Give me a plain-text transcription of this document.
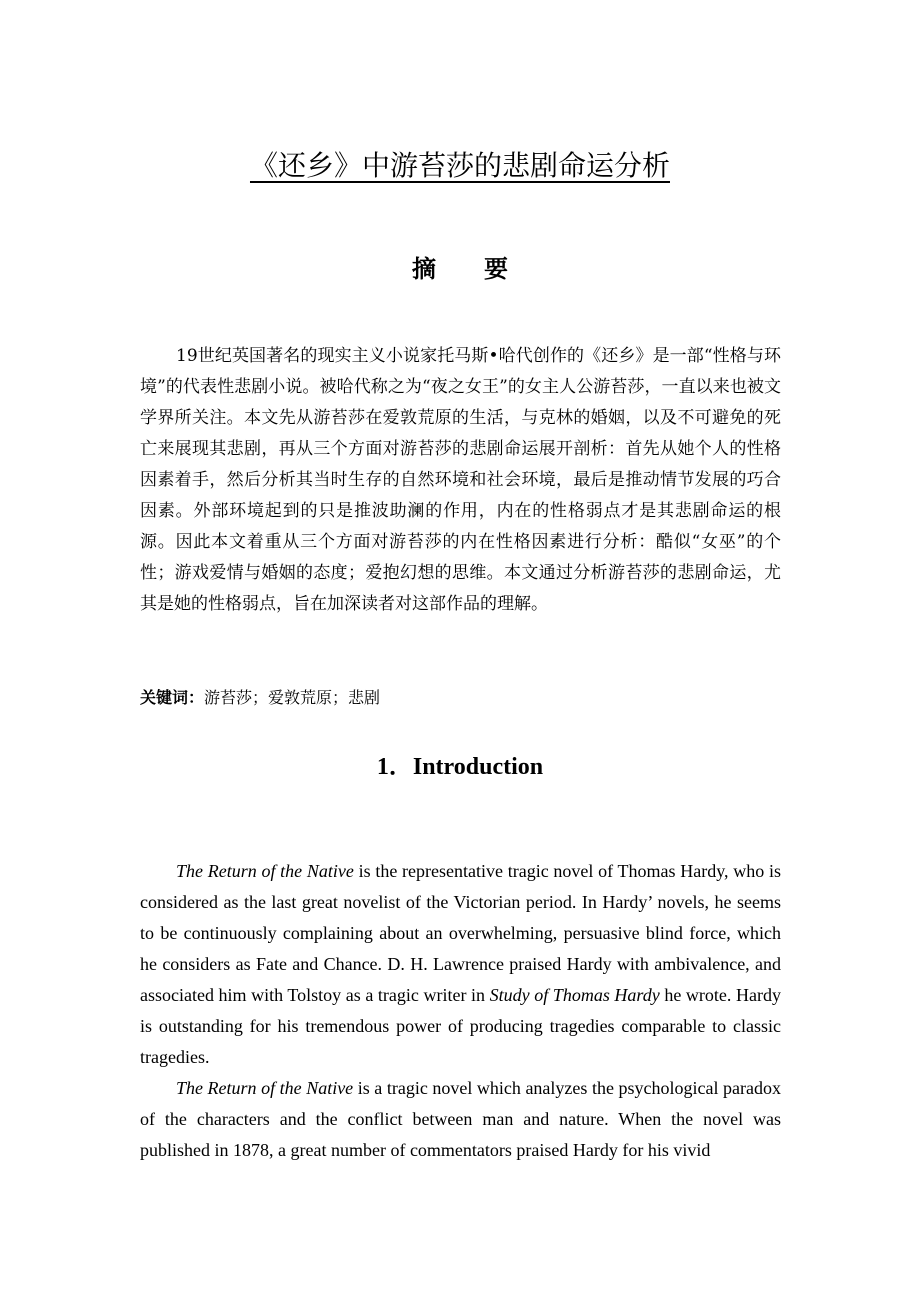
《还乡》中游苔莎的悲剧命运分析
摘 要

19世纪英国著名的现实主义小说家托马斯•哈代创作的《还乡》是一部“性格与环境”的代表性悲剧小说。被哈代称之为“夜之女王”的女主人公游苔莎，一直以来也被文学界所关注。本文先从游苔莎在爱敦荒原的生活，与克林的婚姻，以及不可避免的死亡来展现其悲剧，再从三个方面对游苔莎的悲剧命运展开剖析：首先从她个人的性格因素着手，然后分析其当时生存的自然环境和社会环境，最后是推动情节发展的巧合因素。外部环境起到的只是推波助澜的作用，内在的性格弱点才是其悲剧命运的根源。因此本文着重从三个方面对游苔莎的内在性格因素进行分析：酷似“女巫”的个性；游戏爱情与婚姻的态度；爱抱幻想的思维。本文通过分析游苔莎的悲剧命运，尤其是她的性格弱点，旨在加深读者对这部作品的理解。

关键词：游苔莎；爱敦荒原；悲剧
1．Introduction

The Return of the Native is the representative tragic novel of Thomas Hardy, who is considered as the last great novelist of the Victorian period. In Hardy’ novels, he seems to be continuously complaining about an overwhelming, persuasive blind force, which he considers as Fate and Chance. D. H. Lawrence praised Hardy with ambivalence, and associated him with Tolstoy as a tragic writer in Study of Thomas Hardy he wrote. Hardy is outstanding for his tremendous power of producing tragedies comparable to classic tragedies.

The Return of the Native is a tragic novel which analyzes the psychological paradox of the characters and the conflict between man and nature. When the novel was published in 1878, a great number of commentators praised Hardy for his vivid
